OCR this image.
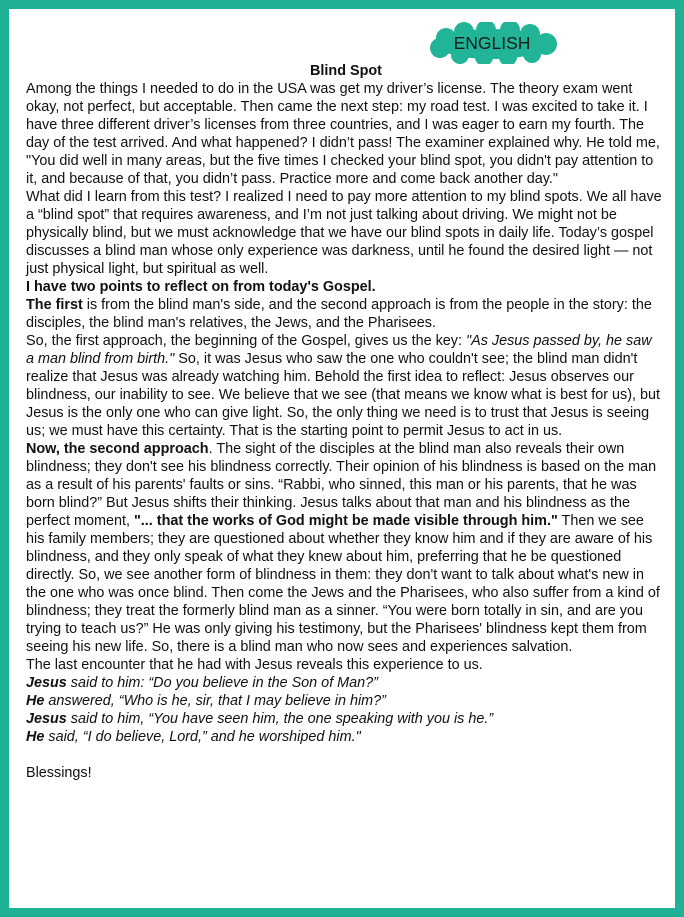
ENGLISH
Blind Spot

Among the things I needed to do in the USA was get my driver’s license. The theory exam went okay, not perfect, but acceptable. Then came the next step: my road test. I was excited to take it. I have three different driver’s licenses from three countries, and I was eager to earn my fourth. The day of the test arrived. And what happened? I didn’t pass! The examiner explained why. He told me, "You did well in many areas, but the five times I checked your blind spot, you didn't pay attention to it, and because of that, you didn’t pass. Practice more and come back another day."

What did I learn from this test? I realized I need to pay more attention to my blind spots. We all have a “blind spot” that requires awareness, and I’m not just talking about driving. We might not be physically blind, but we must acknowledge that we have our blind spots in daily life. Today’s gospel discusses a blind man whose only experience was darkness, until he found the desired light — not just physical light, but spiritual as well.

I have two points to reflect on from today's Gospel.

The first is from the blind man's side, and the second approach is from the people in the story: the disciples, the blind man's relatives, the Jews, and the Pharisees.

So, the first approach, the beginning of the Gospel, gives us the key: "As Jesus passed by, he saw a man blind from birth." So, it was Jesus who saw the one who couldn't see; the blind man didn't realize that Jesus was already watching him. Behold the first idea to reflect: Jesus observes our blindness, our inability to see. We believe that we see (that means we know what is best for us), but Jesus is the only one who can give light. So, the only thing we need is to trust that Jesus is seeing us; we must have this certainty. That is the starting point to permit Jesus to act in us.

Now, the second approach. The sight of the disciples at the blind man also reveals their own blindness; they don't see his blindness correctly. Their opinion of his blindness is based on the man as a result of his parents' faults or sins. “Rabbi, who sinned, this man or his parents, that he was born blind?” But Jesus shifts their thinking. Jesus talks about that man and his blindness as the perfect moment, "... that the works of God might be made visible through him." Then we see his family members; they are questioned about whether they know him and if they are aware of his blindness, and they only speak of what they knew about him, preferring that he be questioned directly. So, we see another form of blindness in them: they don't want to talk about what's new in the one who was once blind. Then come the Jews and the Pharisees, who also suffer from a kind of blindness; they treat the formerly blind man as a sinner. “You were born totally in sin, and are you trying to teach us?” He was only giving his testimony, but the Pharisees' blindness kept them from seeing his new life. So, there is a blind man who now sees and experiences salvation.

The last encounter that he had with Jesus reveals this experience to us.

Jesus said to him: “Do you believe in the Son of Man?”

He answered, “Who is he, sir, that I may believe in him?”

Jesus said to him, “You have seen him, the one speaking with you is he.”

He said, “I do believe, Lord,” and he worshiped him."

Blessings!
